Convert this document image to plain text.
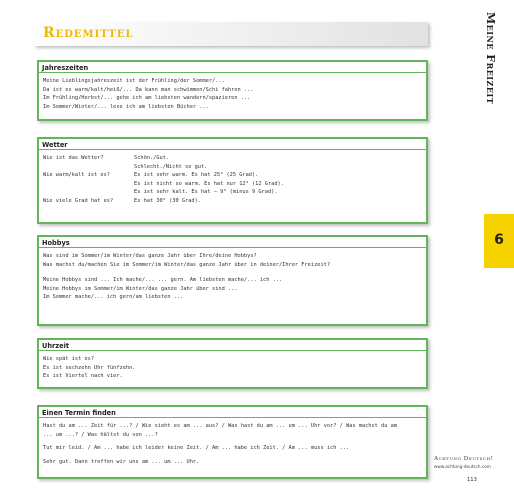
Redemittel	Meine Freizeit
6
Jahreszeiten
Meine Lieblingsjahreszeit ist der Frühling/der Sommer/...
Da ist es warm/kalt/heiß/... Da kann man schwimmen/Schi fahren ...
Im Frühling/Herbst/... gehe ich am liebsten wandern/spazieren ...
Im Sommer/Winter/... lese ich am liebsten Bücher ...
Wetter
Wie ist das Wetter?	Schön./Gut.
Schlecht./Nicht so gut.
Wie warm/kalt ist es?	Es ist sehr warm. Es hat 25° (25 Grad).
Es ist nicht so warm. Es hat nur 12° (12 Grad).
Es ist sehr kalt. Es hat – 9° (minus 9 Grad).
Wie viele Grad hat es?	Es hat 30° (30 Grad).
Hobbys
Was sind im Sommer/im Winter/das ganze Jahr über Ihre/deine Hobbys?
Was machst du/machen Sie im Sommer/im Winter/das ganze Jahr über in deiner/Ihrer Freizeit?
Meine Hobbys sind ... Ich mache/... ... gern. Am liebsten mache/... ich ...
Meine Hobbys im Sommer/im Winter/das ganze Jahr über sind ...
Im Sommer mache/... ich gern/am liebsten ...
Uhrzeit
Wie spät ist es?
Es ist sechzehn Uhr fünfzehn.
Es ist Viertel nach vier.
Einen Termin finden
Hast du am ... Zeit für ...? / Wie sieht es am ... aus? / Was hast du am ... um ... Uhr vor? / Was machst du am
... um ...? / Was hältst du von ...?
Tut mir leid. / Am ... habe ich leider keine Zeit. / Am ... habe ich Zeit. / Am ... muss ich ...
Sehr gut. Dann treffen wir uns am ... um ... Uhr.	Achtung Deutsch!
www.achtung-deutsch.com
113
